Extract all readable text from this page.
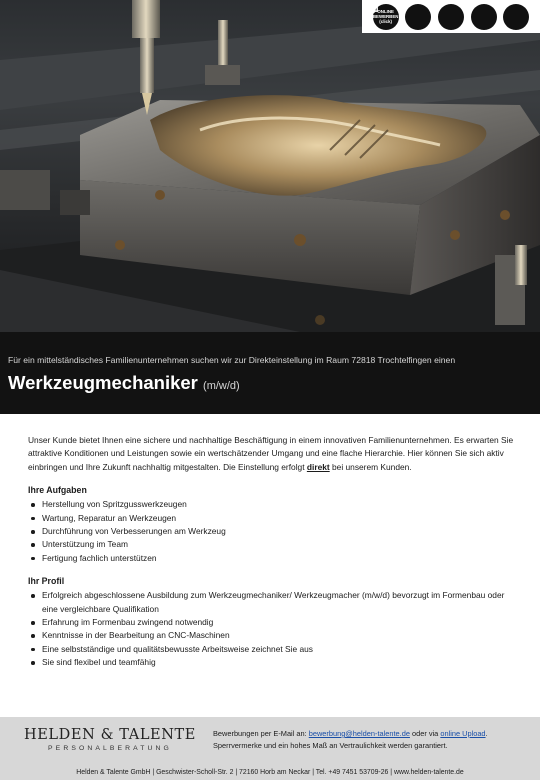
ONLINE
BEWERBEN
(click)
Für ein mittelständisches Familienunternehmen suchen wir zur Direkteinstellung im Raum 72818 Trochtelfingen einen
Werkzeugmechaniker (m/w/d)

Unser Kunde bietet Ihnen eine sichere und nachhaltige Beschäftigung in einem innovativen Familienunternehmen. Es erwarten Sie attraktive Konditionen und Leistungen sowie ein wertschätzender Umgang und eine flache Hierarchie. Hier können Sie sich aktiv einbringen und Ihre Zukunft nachhaltig mitgestalten. Die Einstellung erfolgt direkt bei unserem Kunden.

Ihre Aufgaben
Herstellung von Spritzgusswerkzeugen
Wartung, Reparatur an Werkzeugen
Durchführung von Verbesserungen am Werkzeug
Unterstützung im Team
Fertigung fachlich unterstützen
Ihr Profil
Erfolgreich abgeschlossene Ausbildung zum Werkzeugmechaniker/ Werkzeugmacher (m/w/d) bevorzugt im Formenbau oder eine vergleichbare Qualifikation
Erfahrung im Formenbau zwingend notwendig
Kenntnisse in der Bearbeitung an CNC-Maschinen
Eine selbstständige und qualitätsbewusste Arbeitsweise zeichnet Sie aus
Sie sind flexibel und teamfähig
HELDEN & TALENTE
PERSONALBERATUNG
Bewerbungen per E-Mail an: bewerbung@helden-talente.de oder via online Upload.
Sperrvermerke und ein hohes Maß an Vertraulichkeit werden garantiert.
Helden & Talente GmbH | Geschwister-Scholl-Str. 2 | 72160 Horb am Neckar | Tel. +49 7451 53709-26 | www.helden-talente.de
